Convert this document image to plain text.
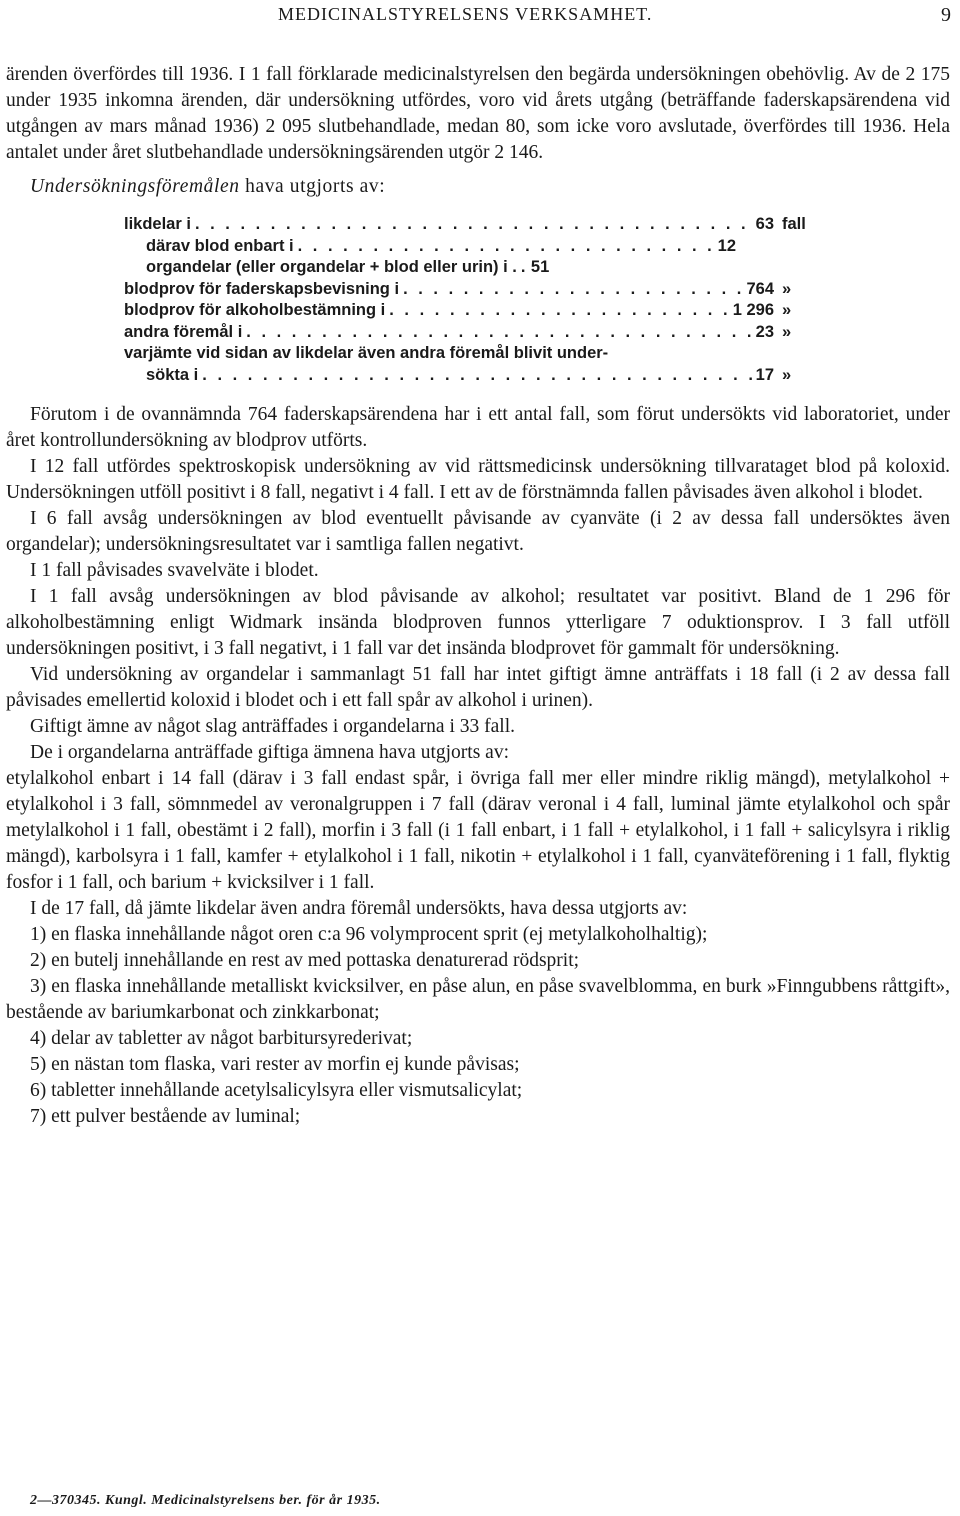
MEDICINALSTYRELSENS VERKSAMHET.	9

ärenden överfördes till 1936. I 1 fall förklarade medicinalstyrelsen den begärda undersökningen obehövlig. Av de 2 175 under 1935 inkomna ärenden, där undersökning utfördes, voro vid årets utgång (beträffande faderskapsärendena vid utgången av mars månad 1936) 2 095 slutbehandlade, medan 80, som icke voro avslutade, överfördes till 1936. Hela antalet under året slutbehandlade undersökningsärenden utgör 2 146.

Undersökningsföremålen hava utgjorts av:

likdelar i . . .	63 fall
därav blod enbart i . . .	12
organdelar (eller organdelar + blod eller urin) i . . . . 51
blodprov för faderskapsbevisning i . . .	764 »
blodprov för alkoholbestämning i . . .	1 296 »
andra föremål i . . .	23 »
varjämte vid sidan av likdelar även andra föremål blivit under-
sökta i . . .	17 »

Förutom i de ovannämnda 764 faderskapsärendena har i ett antal fall, som förut undersökts vid laboratoriet, under året kontrollundersökning av blodprov utförts.

I 12 fall utfördes spektroskopisk undersökning av vid rättsmedicinsk undersökning tillvarataget blod på koloxid. Undersökningen utföll positivt i 8 fall, negativt i 4 fall. I ett av de förstnämnda fallen påvisades även alkohol i blodet.

I 6 fall avsåg undersökningen av blod eventuellt påvisande av cyanväte (i 2 av dessa fall undersöktes även organdelar); undersökningsresultatet var i samtliga fallen negativt.

I 1 fall påvisades svavelväte i blodet.

I 1 fall avsåg undersökningen av blod påvisande av alkohol; resultatet var positivt. Bland de 1 296 för alkoholbestämning enligt Widmark insända blodproven funnos ytterligare 7 oduktionsprov. I 3 fall utföll undersökningen positivt, i 3 fall negativt, i 1 fall var det insända blodprovet för gammalt för undersökning.

Vid undersökning av organdelar i sammanlagt 51 fall har intet giftigt ämne anträffats i 18 fall (i 2 av dessa fall påvisades emellertid koloxid i blodet och i ett fall spår av alkohol i urinen).

Giftigt ämne av något slag anträffades i organdelarna i 33 fall.

De i organdelarna anträffade giftiga ämnena hava utgjorts av:

etylalkohol enbart i 14 fall (därav i 3 fall endast spår, i övriga fall mer eller mindre riklig mängd), metylalkohol + etylalkohol i 3 fall, sömnmedel av veronalgruppen i 7 fall (därav veronal i 4 fall, luminal jämte etylalkohol och spår metylalkohol i 1 fall, obestämt i 2 fall), morfin i 3 fall (i 1 fall enbart, i 1 fall + etylalkohol, i 1 fall + salicylsyra i riklig mängd), karbolsyra i 1 fall, kamfer + etylalkohol i 1 fall, nikotin + etylalkohol i 1 fall, cyanväteförening i 1 fall, flyktig fosfor i 1 fall, och barium + kvicksilver i 1 fall.

I de 17 fall, då jämte likdelar även andra föremål undersökts, hava dessa utgjorts av:

1) en flaska innehållande något oren c:a 96 volymprocent sprit (ej metylalkoholhaltig);

2) en butelj innehållande en rest av med pottaska denaturerad rödsprit;

3) en flaska innehållande metalliskt kvicksilver, en påse alun, en påse svavelblomma, en burk »Finngubbens råttgift», bestående av bariumkarbonat och zinkkarbonat;

4) delar av tabletter av något barbitursyrederivat;

5) en nästan tom flaska, vari rester av morfin ej kunde påvisas;

6) tabletter innehållande acetylsalicylsyra eller vismutsalicylat;

7) ett pulver bestående av luminal;

2—370345. Kungl. Medicinalstyrelsens ber. för år 1935.
